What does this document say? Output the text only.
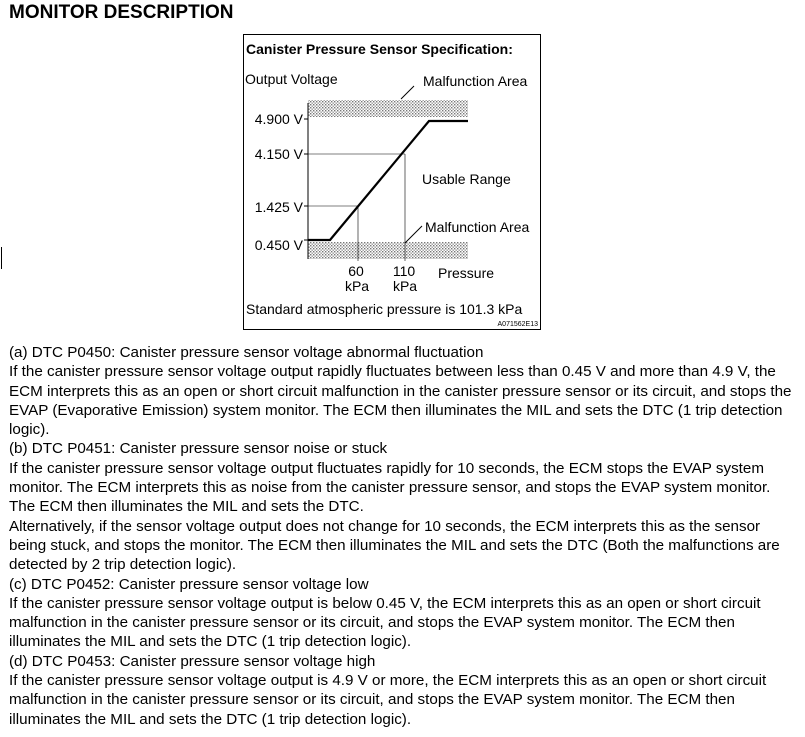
MONITOR DESCRIPTION
Canister Pressure Sensor Specification:
Output Voltage	Malfunction Area
Malfunction Area
Usable Range
4.900 V
4.150 V
1.425 V
0.450 V
60
kPa
110
kPa
Pressure
Standard atmospheric pressure is 101.3 kPa
A071562E13

(a) DTC P0450: Canister pressure sensor voltage abnormal fluctuation

If the canister pressure sensor voltage output rapidly fluctuates between less than 0.45 V and more than 4.9 V, the ECM interprets this as an open or short circuit malfunction in the canister pressure sensor or its circuit, and stops the EVAP (Evaporative Emission) system monitor. The ECM then illuminates the MIL and sets the DTC (1 trip detection logic).

(b) DTC P0451: Canister pressure sensor noise or stuck

If the canister pressure sensor voltage output fluctuates rapidly for 10 seconds, the ECM stops the EVAP system monitor. The ECM interprets this as noise from the canister pressure sensor, and stops the EVAP system monitor. The ECM then illuminates the MIL and sets the DTC.

Alternatively, if the sensor voltage output does not change for 10 seconds, the ECM interprets this as the sensor being stuck, and stops the monitor. The ECM then illuminates the MIL and sets the DTC (Both the malfunctions are detected by 2 trip detection logic).

(c) DTC P0452: Canister pressure sensor voltage low

If the canister pressure sensor voltage output is below 0.45 V, the ECM interprets this as an open or short circuit malfunction in the canister pressure sensor or its circuit, and stops the EVAP system monitor. The ECM then illuminates the MIL and sets the DTC (1 trip detection logic).

(d) DTC P0453: Canister pressure sensor voltage high

If the canister pressure sensor voltage output is 4.9 V or more, the ECM interprets this as an open or short circuit malfunction in the canister pressure sensor or its circuit, and stops the EVAP system monitor. The ECM then illuminates the MIL and sets the DTC (1 trip detection logic).
